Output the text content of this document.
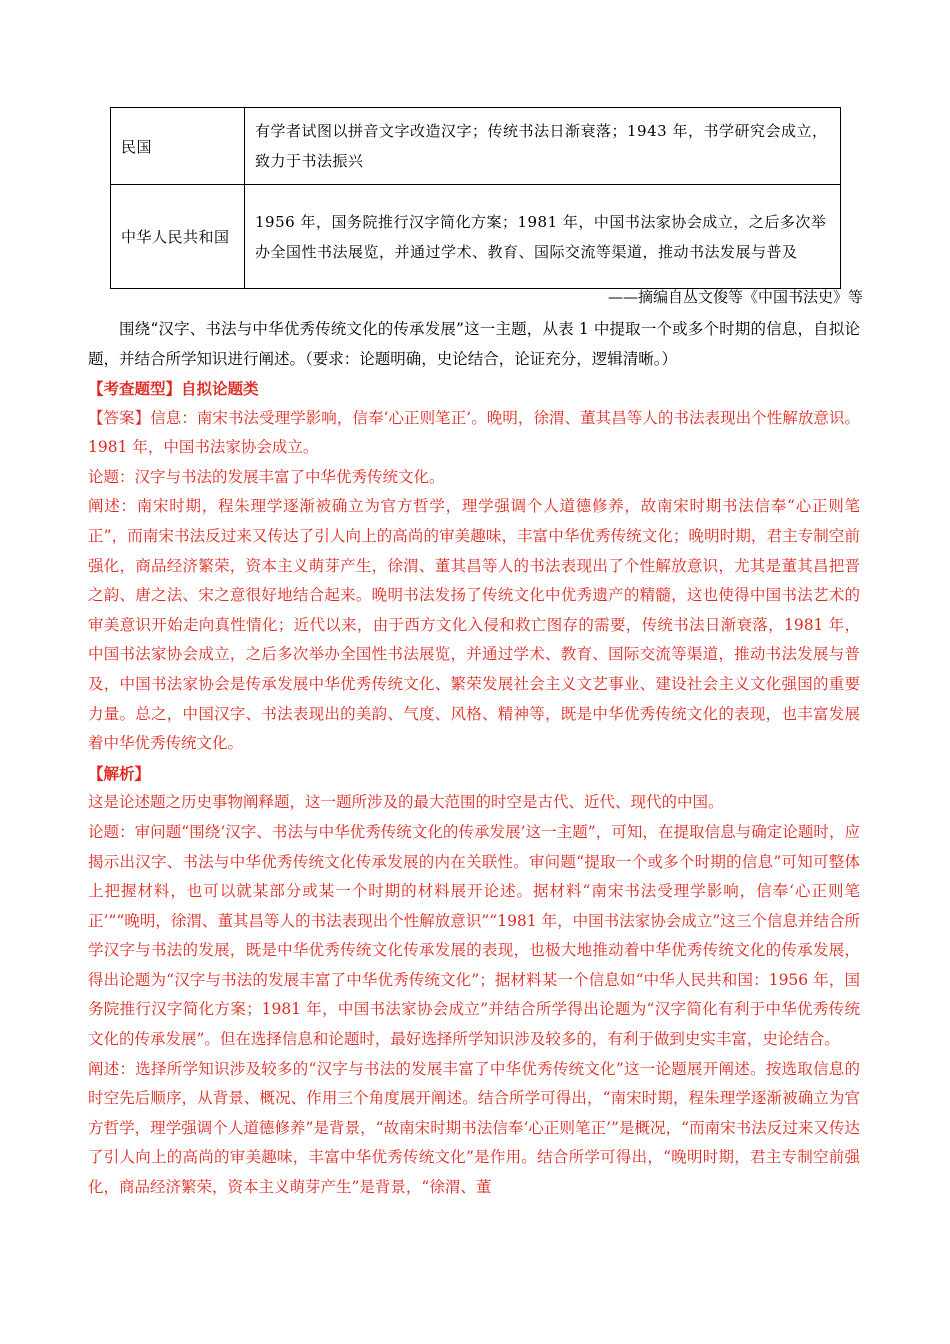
民国	有学者试图以拼音文字改造汉字；传统书法日渐衰落；1943 年，书学研究会成立，致力于书法振兴
中华人民共和国	1956 年，国务院推行汉字简化方案；1981 年，中国书法家协会成立，之后多次举办全国性书法展览，并通过学术、教育、国际交流等渠道，推动书法发展与普及
——摘编自丛文俊等《中国书法史》等

围绕“汉字、书法与中华优秀传统文化的传承发展”这一主题，从表 1 中提取一个或多个时期的信息，自拟论题，并结合所学知识进行阐述。（要求：论题明确，史论结合，论证充分，逻辑清晰。）

【考查题型】自拟论题类

【答案】信息：南宋书法受理学影响，信奉‘心正则笔正’。晚明，徐渭、董其昌等人的书法表现出个性解放意识。1981 年，中国书法家协会成立。

论题：汉字与书法的发展丰富了中华优秀传统文化。

阐述：南宋时期，程朱理学逐渐被确立为官方哲学，理学强调个人道德修养，故南宋时期书法信奉“心正则笔正”，而南宋书法反过来又传达了引人向上的高尚的审美趣味，丰富中华优秀传统文化；晚明时期，君主专制空前强化，商品经济繁荣，资本主义萌芽产生，徐渭、董其昌等人的书法表现出了个性解放意识，尤其是董其昌把晋之韵、唐之法、宋之意很好地结合起来。晚明书法发扬了传统文化中优秀遗产的精髓，这也使得中国书法艺术的审美意识开始走向真性情化；近代以来，由于西方文化入侵和救亡图存的需要，传统书法日渐衰落，1981 年，中国书法家协会成立，之后多次举办全国性书法展览，并通过学术、教育、国际交流等渠道，推动书法发展与普及，中国书法家协会是传承发展中华优秀传统文化、繁荣发展社会主义文艺事业、建设社会主义文化强国的重要力量。总之，中国汉字、书法表现出的美韵、气度、风格、精神等，既是中华优秀传统文化的表现，也丰富发展着中华优秀传统文化。

【解析】

这是论述题之历史事物阐释题，这一题所涉及的最大范围的时空是古代、近代、现代的中国。

论题：审问题“围绕‘汉字、书法与中华优秀传统文化的传承发展’这一主题”，可知，在提取信息与确定论题时，应揭示出汉字、书法与中华优秀传统文化传承发展的内在关联性。审问题“提取一个或多个时期的信息”可知可整体上把握材料，也可以就某部分或某一个时期的材料展开论述。据材料“南宋书法受理学影响，信奉‘心正则笔正’”“晚明，徐渭、董其昌等人的书法表现出个性解放意识”“1981 年，中国书法家协会成立”这三个信息并结合所学汉字与书法的发展，既是中华优秀传统文化传承发展的表现，也极大地推动着中华优秀传统文化的传承发展，得出论题为“汉字与书法的发展丰富了中华优秀传统文化”；据材料某一个信息如“中华人民共和国：1956 年，国务院推行汉字简化方案；1981 年，中国书法家协会成立”并结合所学得出论题为“汉字简化有利于中华优秀传统文化的传承发展”。但在选择信息和论题时，最好选择所学知识涉及较多的，有利于做到史实丰富，史论结合。

阐述：选择所学知识涉及较多的“汉字与书法的发展丰富了中华优秀传统文化”这一论题展开阐述。按选取信息的时空先后顺序，从背景、概况、作用三个角度展开阐述。结合所学可得出，“南宋时期，程朱理学逐渐被确立为官方哲学，理学强调个人道德修养”是背景，“故南宋时期书法信奉‘心正则笔正’”是概况，“而南宋书法反过来又传达了引人向上的高尚的审美趣味，丰富中华优秀传统文化”是作用。结合所学可得出，“晚明时期，君主专制空前强化，商品经济繁荣，资本主义萌芽产生”是背景，“徐渭、董
